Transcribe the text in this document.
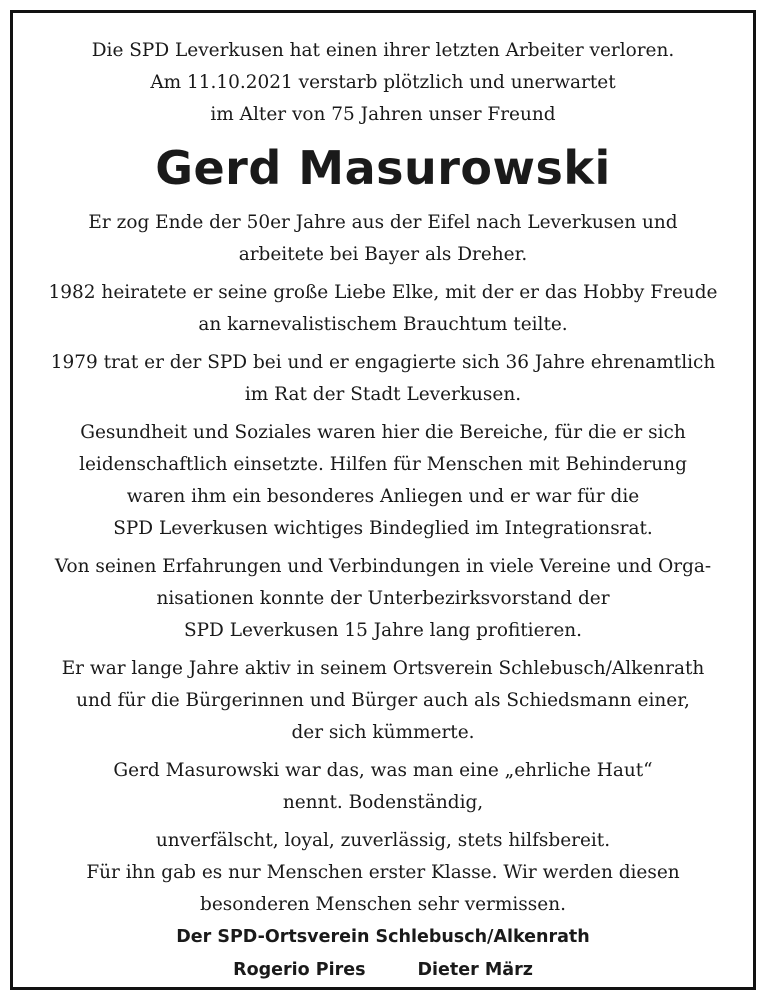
Die SPD Leverkusen hat einen ihrer letzten Arbeiter verloren.

Am 11.10.2021 verstarb plötzlich und unerwartet

im Alter von 75 Jahren unser Freund

Gerd Masurowski

Er zog Ende der 50er Jahre aus der Eifel nach Leverkusen und

arbeitete bei Bayer als Dreher.

1982 heiratete er seine große Liebe Elke, mit der er das Hobby Freude

an karnevalistischem Brauchtum teilte.

1979 trat er der SPD bei und er engagierte sich 36 Jahre ehrenamtlich

im Rat der Stadt Leverkusen.

Gesundheit und Soziales waren hier die Bereiche, für die er sich

leidenschaftlich einsetzte. Hilfen für Menschen mit Behinderung

waren ihm ein besonderes Anliegen und er war für die

SPD Leverkusen wichtiges Bindeglied im Integrationsrat.

Von seinen Erfahrungen und Verbindungen in viele Vereine und Orga-

nisationen konnte der Unterbezirksvorstand der

SPD Leverkusen 15 Jahre lang profitieren.

Er war lange Jahre aktiv in seinem Ortsverein Schlebusch/Alkenrath

und für die Bürgerinnen und Bürger auch als Schiedsmann einer,

der sich kümmerte.

Gerd Masurowski war das, was man eine „ehrliche Haut“

nennt. Bodenständig,

unverfälscht, loyal, zuverlässig, stets hilfsbereit.

Für ihn gab es nur Menschen erster Klasse. Wir werden diesen

besonderen Menschen sehr vermissen.

Der SPD-Ortsverein Schlebusch/Alkenrath
Rogerio Pires	Dieter März
